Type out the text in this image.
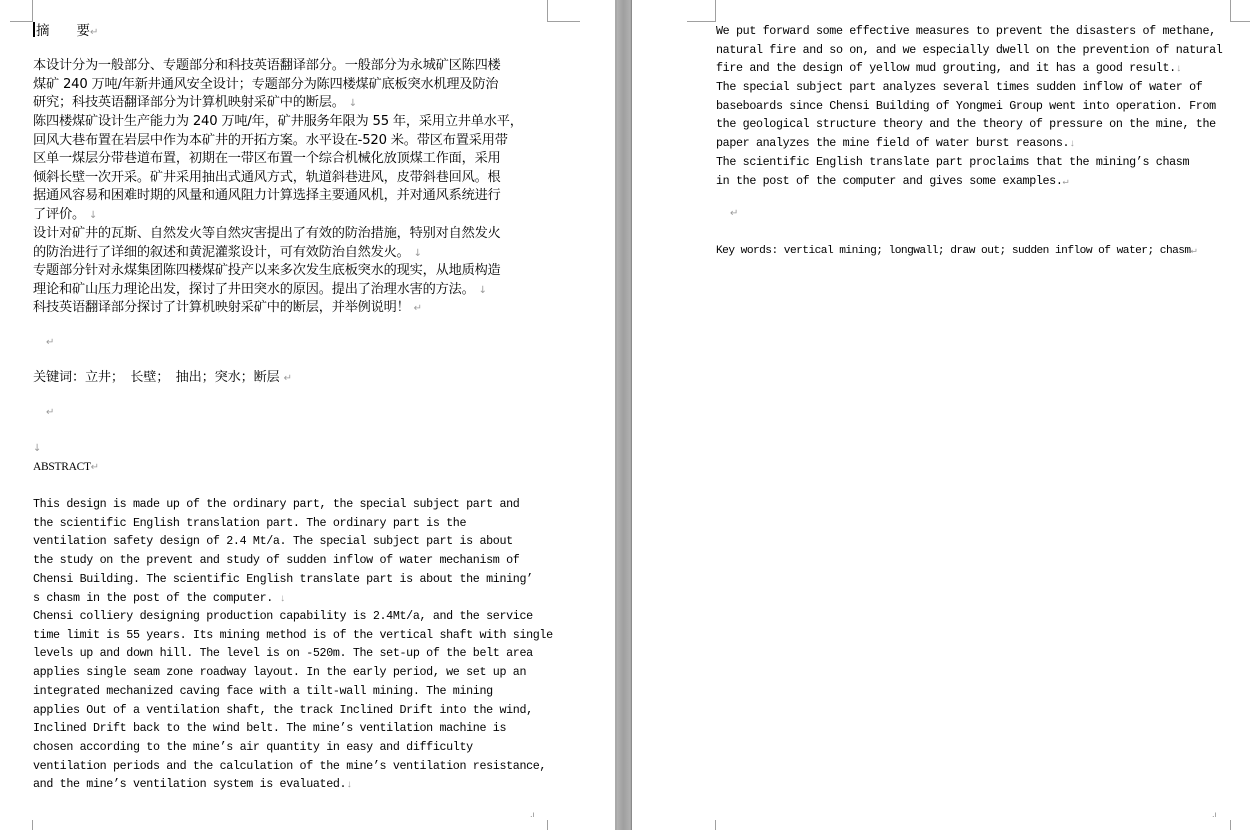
.ı
摘　　要↵
本设计分为一般部分、专题部分和科技英语翻译部分。一般部分为永城矿区陈四楼
煤矿 240 万吨/年新井通风安全设计；专题部分为陈四楼煤矿底板突水机理及防治
研究；科技英语翻译部分为计算机映射采矿中的断层。 ↓
陈四楼煤矿设计生产能力为 240 万吨/年，矿井服务年限为 55 年，采用立井单水平，
回风大巷布置在岩层中作为本矿井的开拓方案。水平设在-520 米。带区布置采用带
区单一煤层分带巷道布置，初期在一带区布置一个综合机械化放顶煤工作面，采用
倾斜长壁一次开采。矿井采用抽出式通风方式，轨道斜巷进风，皮带斜巷回风。根
据通风容易和困难时期的风量和通风阻力计算选择主要通风机，并对通风系统进行
了评价。 ↓
设计对矿井的瓦斯、自然发火等自然灾害提出了有效的防治措施，特别对自然发火
的防治进行了详细的叙述和黄泥灌浆设计，可有效防治自然发火。 ↓
专题部分针对永煤集团陈四楼煤矿投产以来多次发生底板突水的现实，从地质构造
理论和矿山压力理论出发，探讨了井田突水的原因。提出了治理水害的方法。 ↓
科技英语翻译部分探讨了计算机映射采矿中的断层，并举例说明！ ↵
↵
关键词：立井；　长壁；　抽出；突水；断层 ↵
↵
↓
ABSTRACT↵
This design is made up of the ordinary part, the special subject part and
the scientific English translation part. The ordinary part is the
ventilation safety design of 2.4 Mt/a. The special subject part is about
the study on the prevent and study of sudden inflow of water mechanism of
Chensi Building. The scientific English translate part is about the mining’
s chasm in the post of the computer. ↓
Chensi colliery designing production capability is 2.4Mt/a, and the service
time limit is 55 years. Its mining method is of the vertical shaft with single
levels up and down hill. The level is on -520m. The set-up of the belt area
applies single seam zone roadway layout. In the early period, we set up an
integrated mechanized caving face with a tilt-wall mining. The mining
applies Out of a ventilation shaft, the track Inclined Drift into the wind,
Inclined Drift back to the wind belt. The mine’s ventilation machine is
chosen according to the mine’s air quantity in easy and difficulty
ventilation periods and the calculation of the mine’s ventilation resistance,
and the mine’s ventilation system is evaluated.↓
.ı
We put forward some effective measures to prevent the disasters of methane,
natural fire and so on, and we especially dwell on the prevention of natural
fire and the design of yellow mud grouting, and it has a good result.↓
The special subject part analyzes several times sudden inflow of water of
baseboards since Chensi Building of Yongmei Group went into operation. From
the geological structure theory and the theory of pressure on the mine, the
paper analyzes the mine field of water burst reasons.↓
The scientific English translate part proclaims that the mining’s chasm
in the post of the computer and gives some examples.↵
↵
Key words: vertical mining; longwall; draw out; sudden inflow of water; chasm↵
